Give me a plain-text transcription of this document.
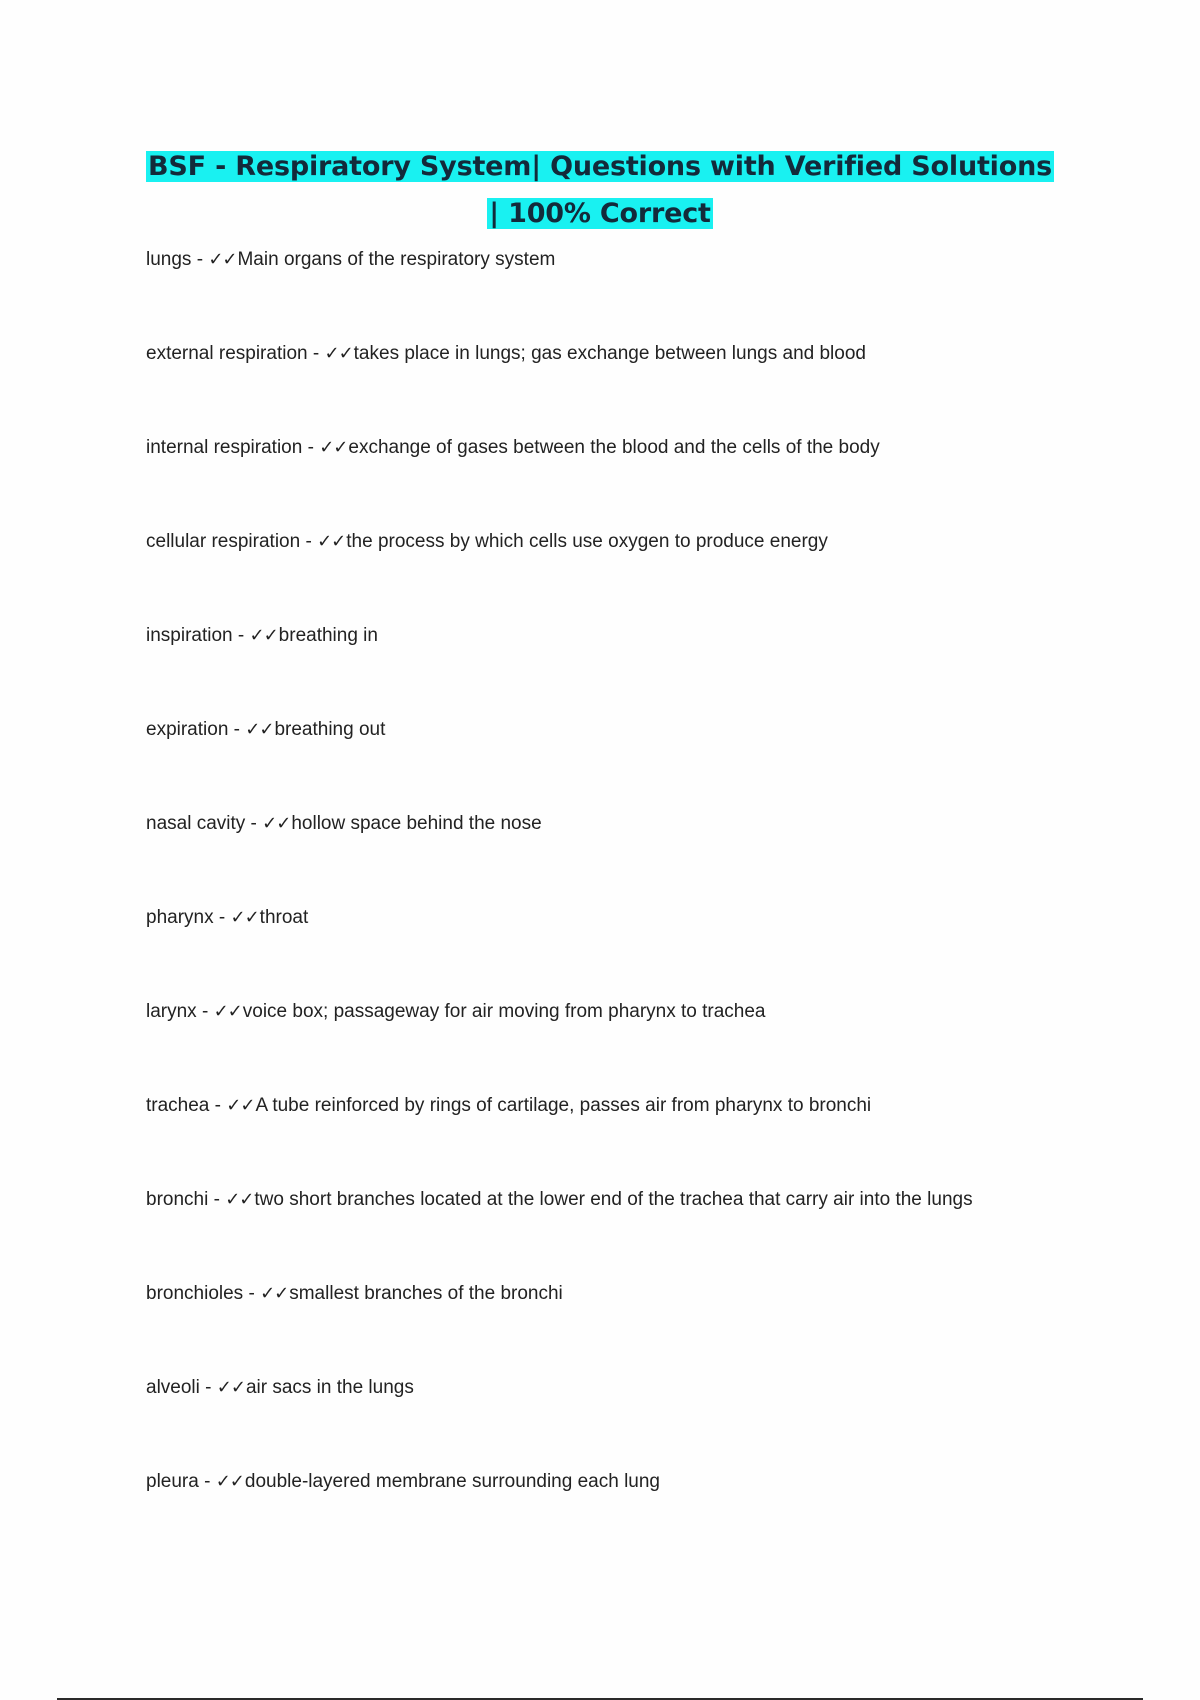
BSF - Respiratory System| Questions with Verified Solutions | 100% Correct
lungs - ✓✓Main organs of the respiratory system
external respiration - ✓✓takes place in lungs; gas exchange between lungs and blood
internal respiration - ✓✓exchange of gases between the blood and the cells of the body
cellular respiration - ✓✓the process by which cells use oxygen to produce energy
inspiration - ✓✓breathing in
expiration - ✓✓breathing out
nasal cavity - ✓✓hollow space behind the nose
pharynx - ✓✓throat
larynx - ✓✓voice box; passageway for air moving from pharynx to trachea
trachea - ✓✓A tube reinforced by rings of cartilage, passes air from pharynx to bronchi
bronchi - ✓✓two short branches located at the lower end of the trachea that carry air into the lungs
bronchioles - ✓✓smallest branches of the bronchi
alveoli - ✓✓air sacs in the lungs
pleura - ✓✓double-layered membrane surrounding each lung
